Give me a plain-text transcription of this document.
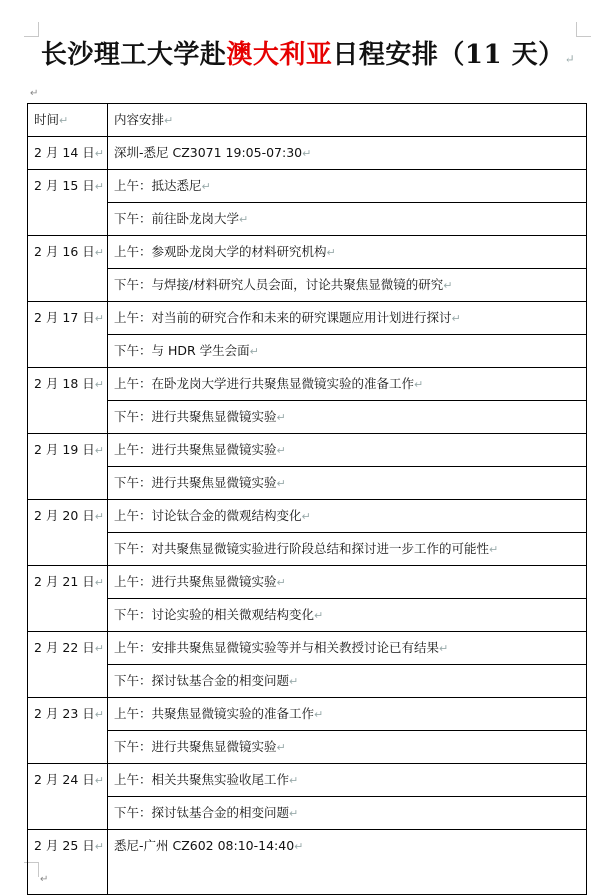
长沙理工大学赴澳大利亚日程安排（11 天）↵
↵
时间↵	内容安排↵
2 月 14 日↵	深圳-悉尼 CZ3071 19:05-07:30↵
2 月 15 日↵	上午：抵达悉尼↵
	下午：前往卧龙岗大学↵
2 月 16 日↵	上午：参观卧龙岗大学的材料研究机构↵
	下午：与焊接/材料研究人员会面，讨论共聚焦显微镜的研究↵
2 月 17 日↵	上午：对当前的研究合作和未来的研究课题应用计划进行探讨↵
	下午：与 HDR 学生会面↵
2 月 18 日↵	上午：在卧龙岗大学进行共聚焦显微镜实验的准备工作↵
	下午：进行共聚焦显微镜实验↵
2 月 19 日↵	上午：进行共聚焦显微镜实验↵
	下午：进行共聚焦显微镜实验↵
2 月 20 日↵	上午：讨论钛合金的微观结构变化↵
	下午：对共聚焦显微镜实验进行阶段总结和探讨进一步工作的可能性↵
2 月 21 日↵	上午：进行共聚焦显微镜实验↵
	下午：讨论实验的相关微观结构变化↵
2 月 22 日↵	上午：安排共聚焦显微镜实验等并与相关教授讨论已有结果↵
	下午：探讨钛基合金的相变问题↵
2 月 23 日↵	上午：共聚焦显微镜实验的准备工作↵
	下午：进行共聚焦显微镜实验↵
2 月 24 日↵	上午：相关共聚焦实验收尾工作↵
	下午：探讨钛基合金的相变问题↵
2 月 25 日↵	悉尼-广州 CZ602 08:10-14:40↵
↵
